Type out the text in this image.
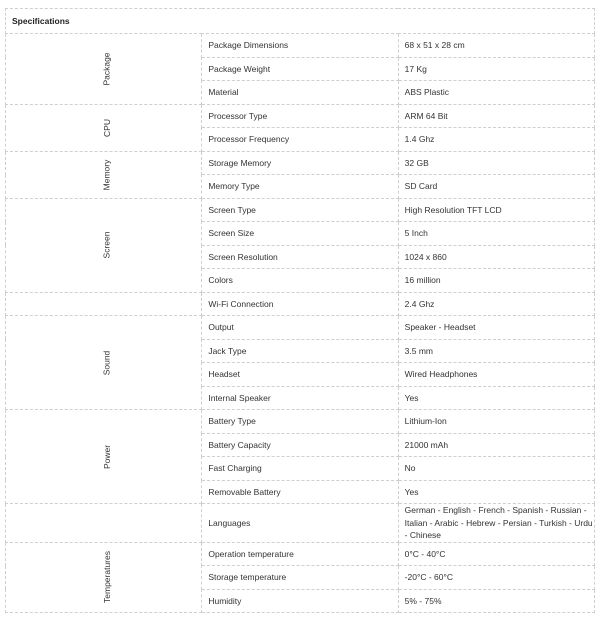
Specifications		
Package	Package Dimensions	68 x 51 x 28 cm
	Package Weight	17 Kg
	Material	ABS Plastic
CPU	Processor Type	ARM 64 Bit
	Processor Frequency	1.4 Ghz
Memory	Storage Memory	32 GB
	Memory Type	SD Card
Screen	Screen Type	High Resolution TFT LCD
	Screen Size	5 Inch
	Screen Resolution	1024 x 860
	Colors	16 million
	Wi-Fi Connection	2.4 Ghz
Sound	Output	Speaker - Headset
	Jack Type	3.5 mm
	Headset	Wired Headphones
	Internal Speaker	Yes
Power	Battery Type	Lithium-Ion
	Battery Capacity	21000 mAh
	Fast Charging	No
	Removable Battery	Yes
	Languages	German - English - French - Spanish - Russian - Italian - Arabic - Hebrew - Persian - Turkish - Urdu - Chinese
Temperatures	Operation temperature	0°C - 40°C
	Storage temperature	-20°C - 60°C
	Humidity	5% - 75%
